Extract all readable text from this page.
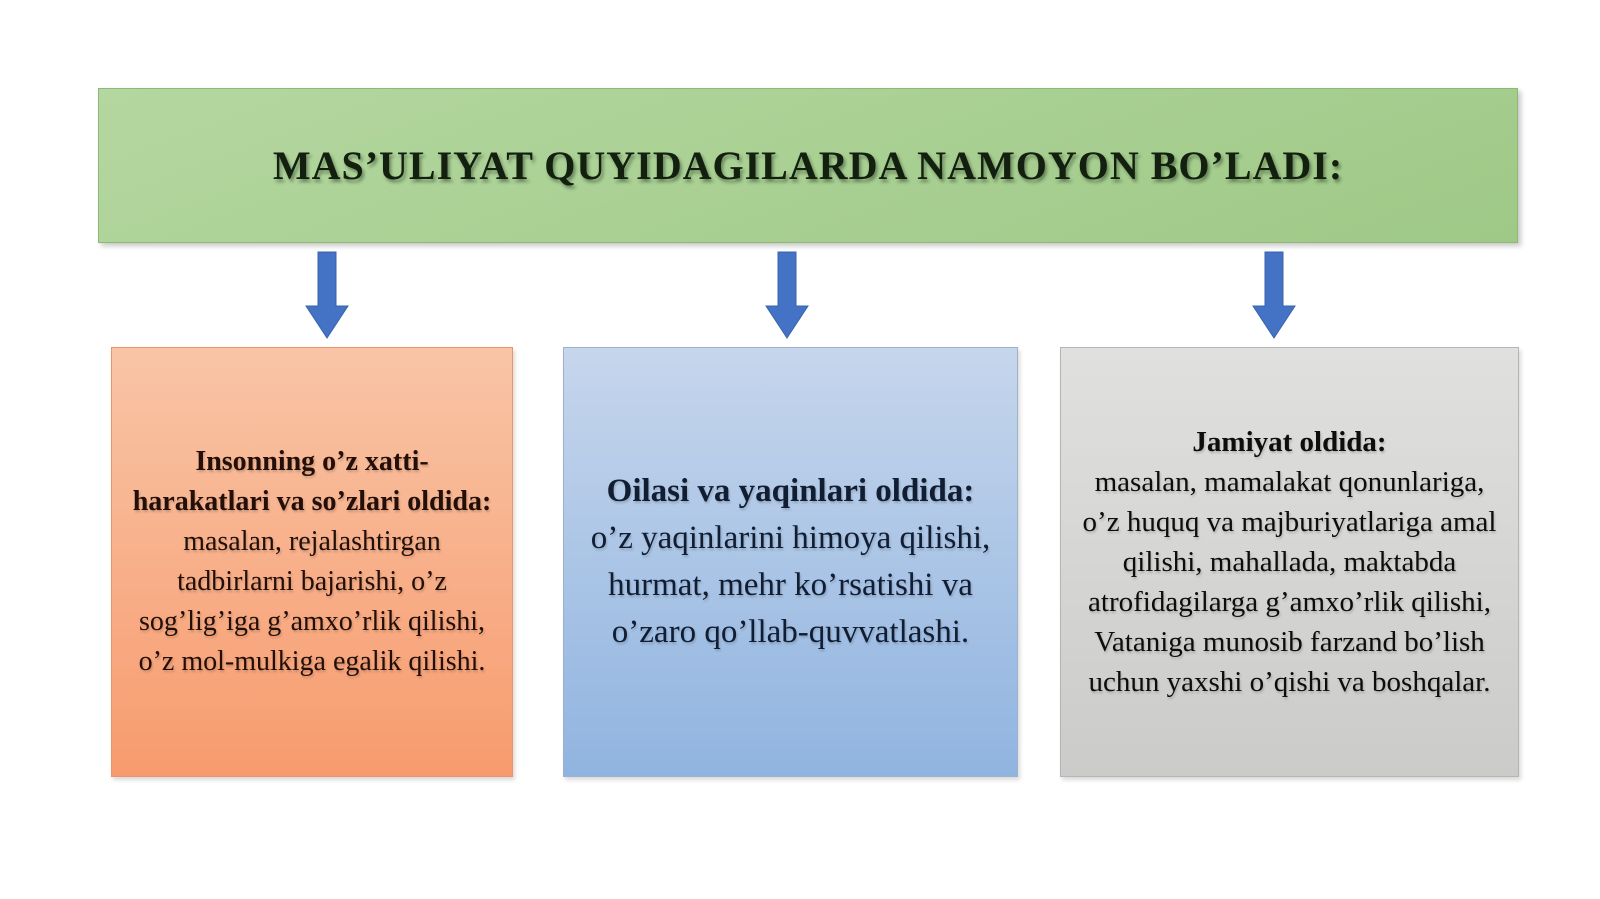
MAS’ULIYAT QUYIDAGILARDA NAMOYON BO’LADI:

Insonning o’z xatti-harakatlari va so’zlari oldida: masalan, rejalashtirgan tadbirlarni bajarishi, o’z sog’lig’iga g’amxo’rlik qilishi, o’z mol-mulkiga egalik qilishi.

Oilasi va yaqinlari oldida:
o’z yaqinlarini himoya qilishi, hurmat, mehr ko’rsatishi va o’zaro qo’llab-quvvatlashi.

Jamiyat oldida:
masalan, mamalakat qonunlariga, o’z huquq va majburiyatlariga amal qilishi, mahallada, maktabda atrofidagilarga g’amxo’rlik qilishi, Vataniga munosib farzand bo’lish uchun yaxshi o’qishi va boshqalar.
